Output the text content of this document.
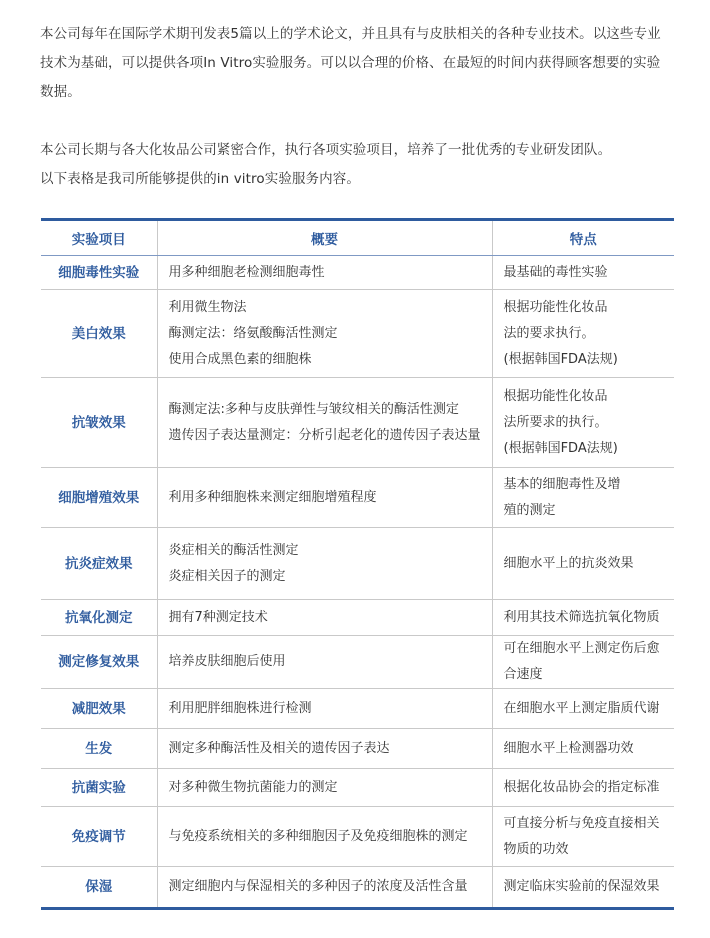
本公司每年在国际学术期刊发表5篇以上的学术论文，并且具有与皮肤相关的各种专业技术。以这些专业技术为基础，可以提供各项In Vitro实验服务。可以以合理的价格、在最短的时间内获得顾客想要的实验数据。

本公司长期与各大化妆品公司紧密合作，执行各项实验项目，培养了一批优秀的专业研发团队。

以下表格是我司所能够提供的in vitro实验服务内容。

实验项目	概要	特点
细胞毒性实验	用多种细胞老检测细胞毒性	最基础的毒性实验

美白效果	利用微生物法
酶测定法：络氨酸酶活性测定
使用合成黑色素的细胞株	根据功能性化妆品
法的要求执行。
(根据韩国FDA法规)

抗皱效果	酶测定法:多种与皮肤弹性与皱纹相关的酶活性测定
遗传因子表达量测定：分析引起老化的遗传因子表达量	根据功能性化妆品
法所要求的执行。
(根据韩国FDA法规)

细胞增殖效果	利用多种细胞株来测定细胞增殖程度	基本的细胞毒性及增
殖的测定

抗炎症效果	炎症相关的酶活性测定
炎症相关因子的测定	细胞水平上的抗炎效果

抗氧化测定	拥有7种测定技术	利用其技术筛选抗氧化物质

测定修复效果	培养皮肤细胞后使用	可在细胞水平上测定伤后愈
合速度

减肥效果	利用肥胖细胞株进行检测	在细胞水平上测定脂质代谢

生发	测定多种酶活性及相关的遗传因子表达	细胞水平上检测器功效

抗菌实验	对多种微生物抗菌能力的测定	根据化妆品协会的指定标准

免疫调节	与免疫系统相关的多种细胞因子及免疫细胞株的测定	可直接分析与免疫直接相关
物质的功效

保湿	测定细胞内与保湿相关的多种因子的浓度及活性含量	测定临床实验前的保湿效果
